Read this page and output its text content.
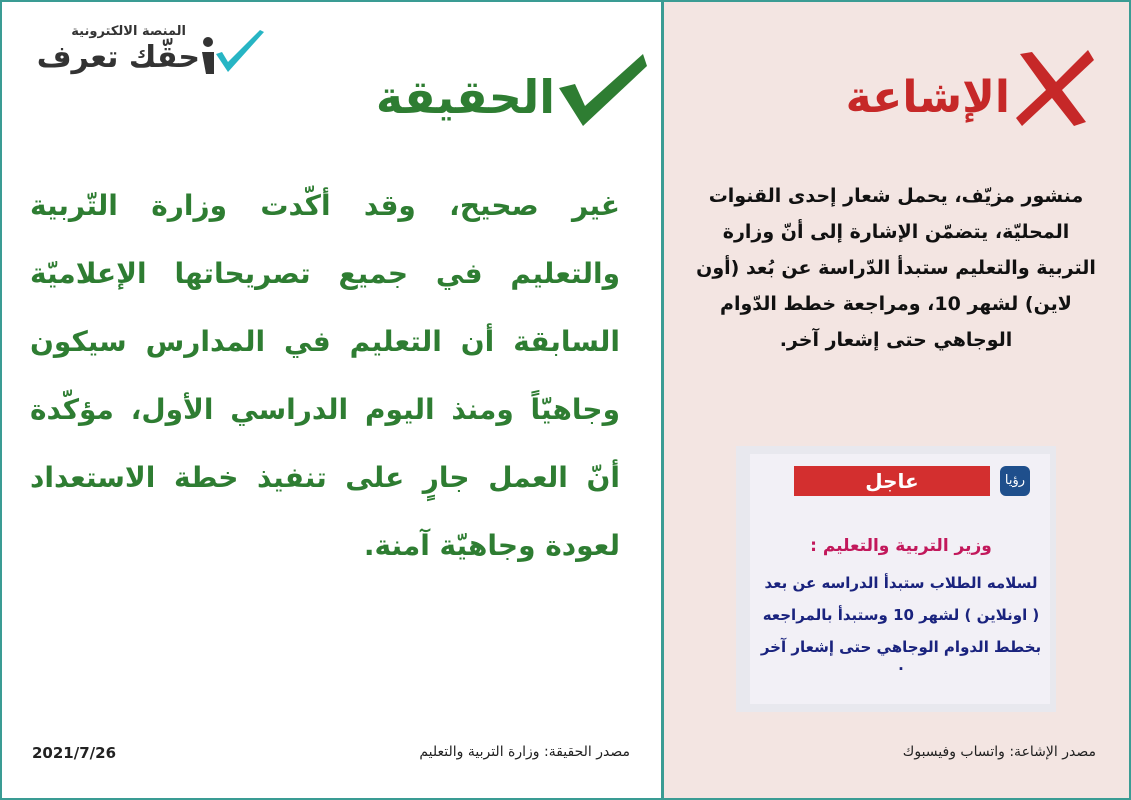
المنصة الالكترونية
حقّك تعرف
الحقيقة
غير صحيح، وقد أكّدت وزارة التّربية والتعليم في جميع تصريحاتها الإعلاميّة السابقة أن التعليم في المدارس سيكون وجاهيّاً ومنذ اليوم الدراسي الأول، مؤكّدة أنّ العمل جارٍ على تنفيذ خطة الاستعداد لعودة وجاهيّة آمنة.
2021/7/26	مصدر الحقيقة: وزارة التربية والتعليم
الإشاعة
منشور مزيّف، يحمل شعار إحدى القنوات المحليّة، يتضمّن الإشارة إلى أنّ وزارة التربية والتعليم ستبدأ الدّراسة عن بُعد (أون لاين) لشهر 10، ومراجعة خطط الدّوام الوجاهي حتى إشعار آخر.
عاجل	رؤيا
وزير التربية والتعليم :
لسلامه الطلاب ستبدأ الدراسه عن بعد
( اونلاين ) لشهر 10 وستبدأ بالمراجعه
بخطط الدوام الوجاهي حتى إشعار آخر .
مصدر الإشاعة: واتساب وفيسبوك
